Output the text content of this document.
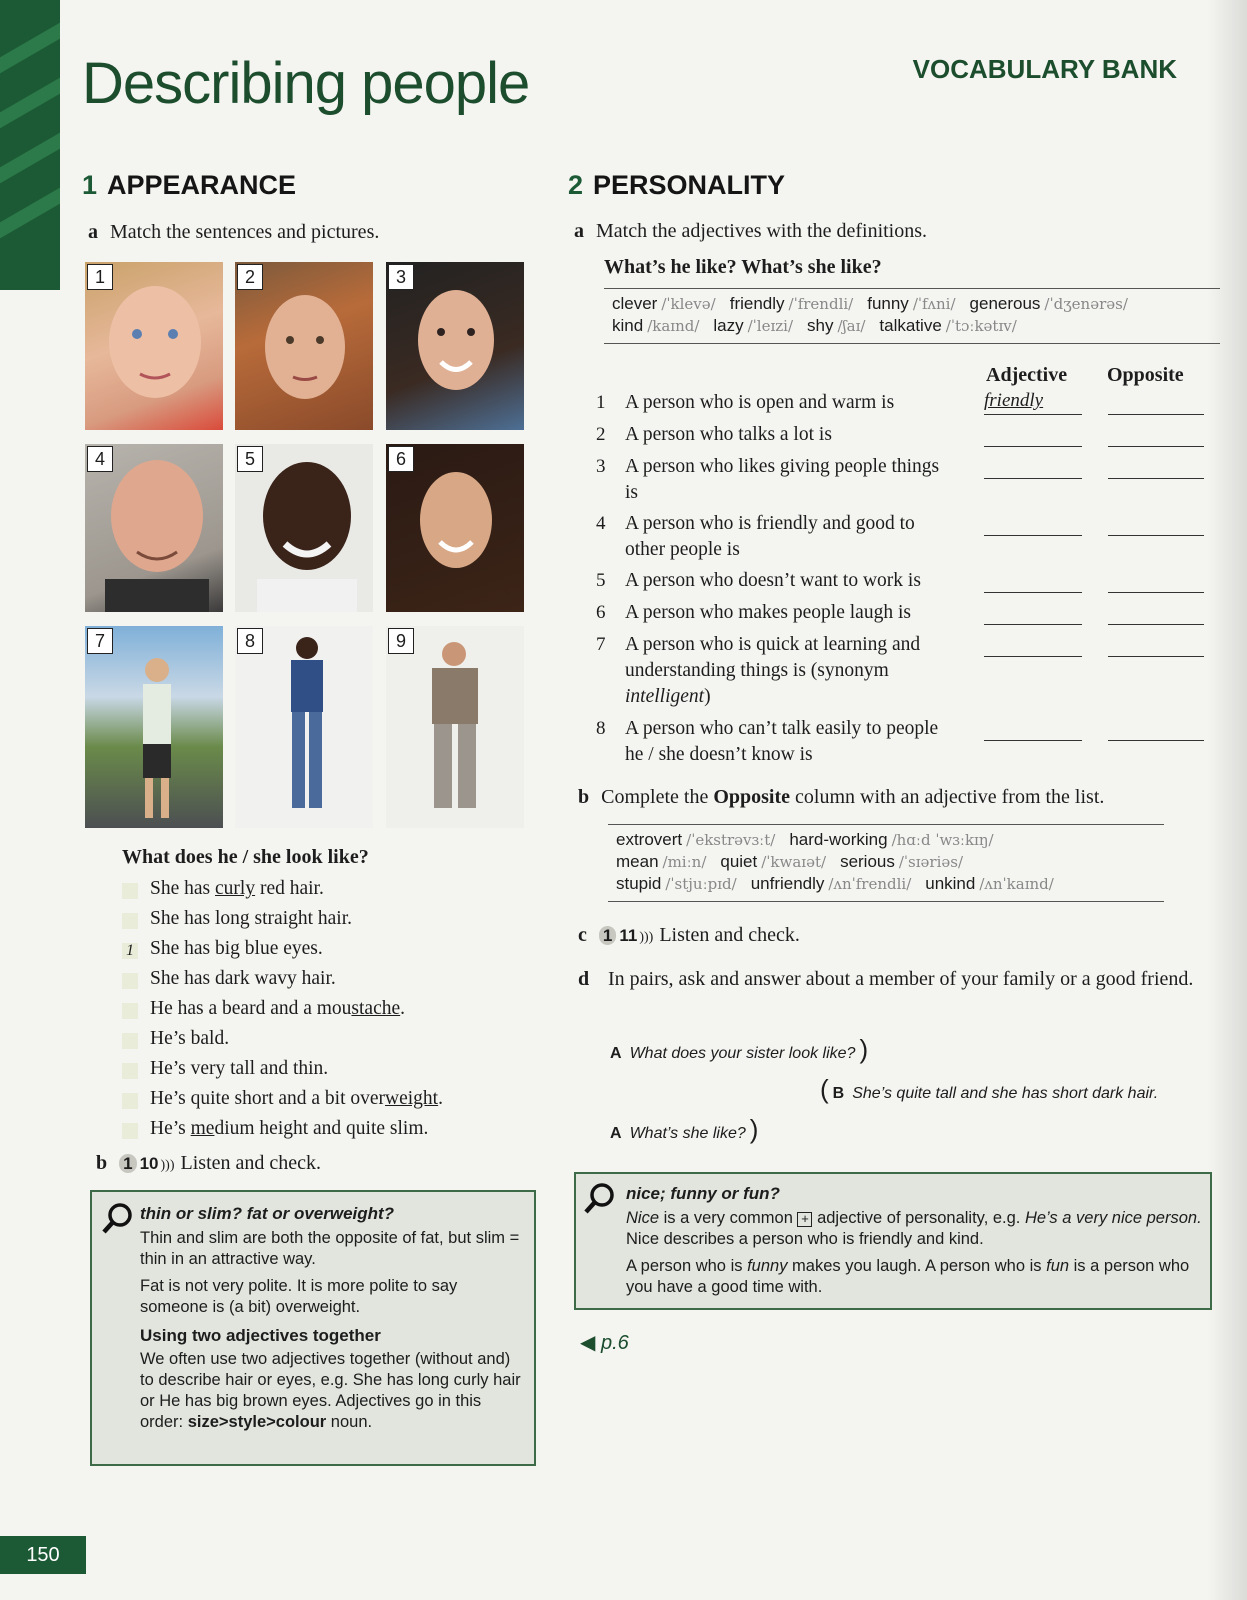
Describing people	VOCABULARY BANK
1 APPEARANCE
a Match the sentences and pictures.
1	2	3
4	5	6
7	8	9
What does he / she look like?
She has curly red hair.
She has long straight hair.
1 She has big blue eyes.
She has dark wavy hair.
He has a beard and a moustache.
He’s bald.
He’s very tall and thin.
He’s quite short and a bit overweight.
He’s medium height and quite slim.
b 1 10 ))) Listen and check.
thin or slim? fat or overweight?
Thin and slim are both the opposite of fat, but slim = thin in an attractive way.
Fat is not very polite. It is more polite to say someone is (a bit) overweight.
Using two adjectives together
We often use two adjectives together (without and) to describe hair or eyes, e.g. She has long curly hair or He has big brown eyes. Adjectives go in this order: size>style>colour noun.
2 PERSONALITY
a Match the adjectives with the definitions.
What’s he like? What’s she like?
clever /ˈklevə/ friendly /ˈfrendli/ funny /ˈfʌni/ generous /ˈdʒenərəs/
kind /kaɪnd/ lazy /ˈleɪzi/ shy /ʃaɪ/ talkative /ˈtɔːkətɪv/
Adjective Opposite
1 A person who is open and warm is	friendly
2 A person who talks a lot is
3 A person who likes giving people things is
4 A person who is friendly and good to other people is
5 A person who doesn’t want to work is
6 A person who makes people laugh is
7 A person who is quick at learning and understanding things is (synonym intelligent)
8 A person who can’t talk easily to people he / she doesn’t know is
b Complete the Opposite column with an adjective from the list.
extrovert /ˈekstrəvɜːt/ hard-working /hɑːd ˈwɜːkɪŋ/
mean /miːn/ quiet /ˈkwaɪət/ serious /ˈsɪəriəs/
stupid /ˈstjuːpɪd/ unfriendly /ʌnˈfrendli/ unkind /ʌnˈkaɪnd/
c 1 11 ))) Listen and check.
d In pairs, ask and answer about a member of your family or a good friend.
A What does your sister look like? )
( B She’s quite tall and she has short dark hair.
A What’s she like? )
nice; funny or fun?
Nice is a very common + adjective of personality, e.g. He’s a very nice person. Nice describes a person who is friendly and kind.
A person who is funny makes you laugh. A person who is fun is a person who you have a good time with.
◀ p.6
150
